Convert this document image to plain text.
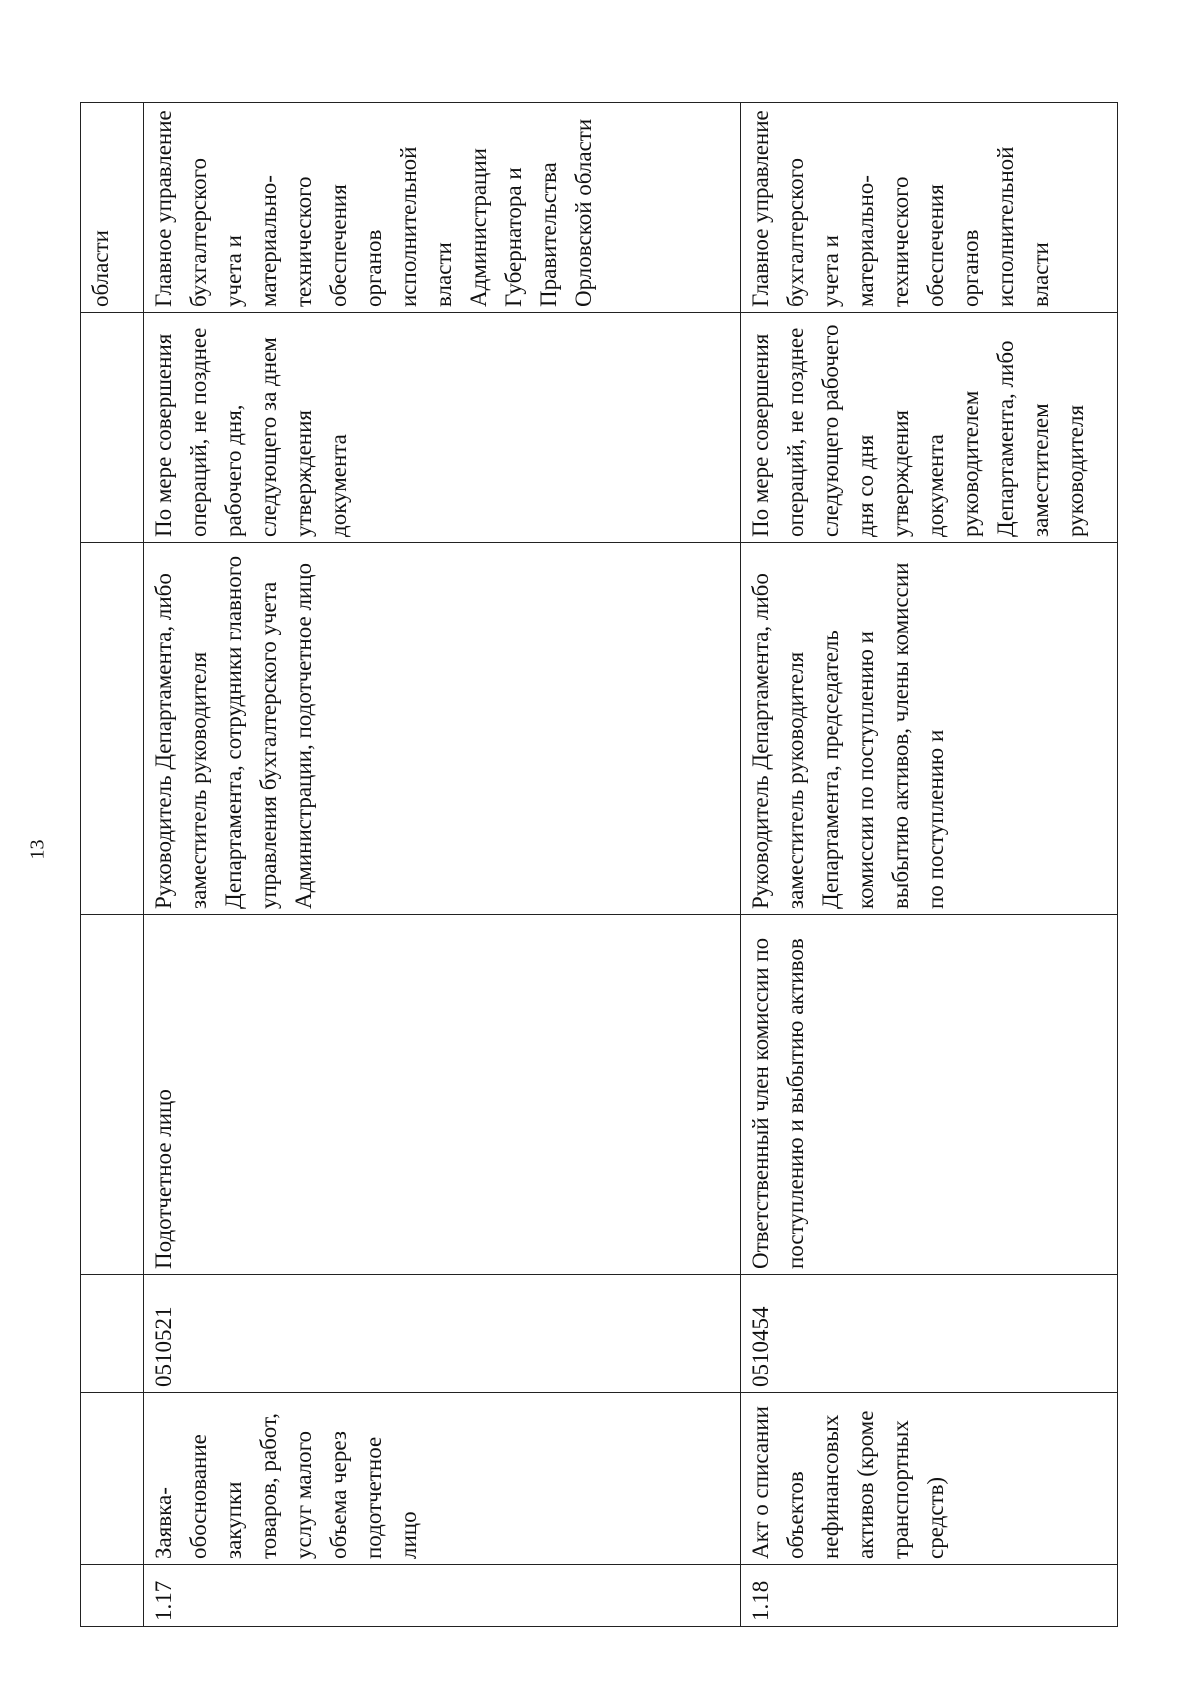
13
						области
1.17	Заявка-обоснование закупки товаров, работ, услуг малого объема через подотчетное лицо	0510521	Подотчетное лицо	Руководитель Департамента, либо заместитель руководителя Департамента, сотрудники главного управления бухгалтерского учета Администрации, подотчетное лицо	По мере совершения операций, не позднее рабочего дня, следующего за днем утверждения документа	Главное управление бухгалтерского учета и материально-технического обеспечения органов исполнительной власти Администрации Губернатора и Правительства Орловской области
1.18	Акт о списании объектов нефинансовых активов (кроме транспортных средств)	0510454	Ответственный член комиссии по поступлению и выбытию активов	Руководитель Департамента, либо заместитель руководителя Департамента, председатель комиссии по поступлению и выбытию активов, члены комиссии по поступлению и	По мере совершения операций, не позднее следующего рабочего дня со дня утверждения документа руководителем Департамента, либо заместителем руководителя	Главное управление бухгалтерского учета и материально-технического обеспечения органов исполнительной власти
